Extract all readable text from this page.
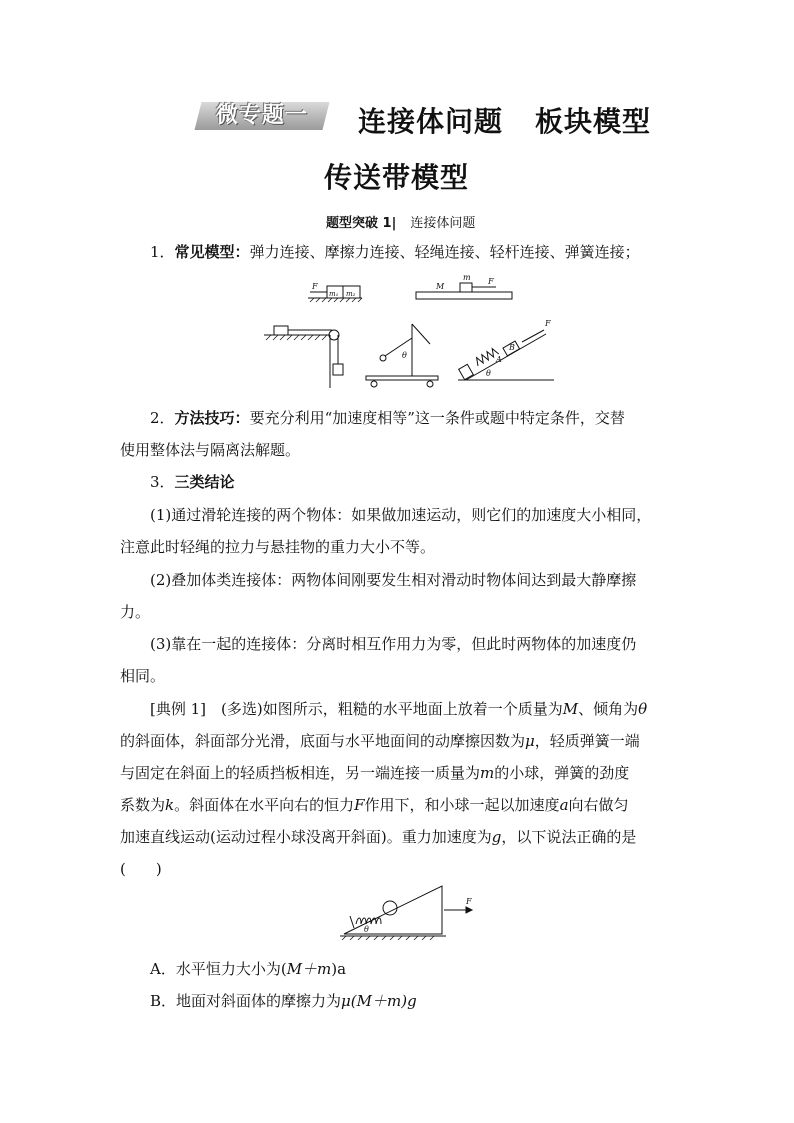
微专题一	连接体问题 板块模型
传送带模型
题型突破 1| 连接体问题
1．常见模型：弹力连接、摩擦力连接、轻绳连接、轻杆连接、弹簧连接；
F
m₁ m₂
M
m F
θ	A
B
F
θ
2．方法技巧：要充分利用“加速度相等”这一条件或题中特定条件，交替
使用整体法与隔离法解题。
3．三类结论
(1)通过滑轮连接的两个物体：如果做加速运动，则它们的加速度大小相同，
注意此时轻绳的拉力与悬挂物的重力大小不等。
(2)叠加体类连接体：两物体间刚要发生相对滑动时物体间达到最大静摩擦
力。
(3)靠在一起的连接体：分离时相互作用力为零，但此时两物体的加速度仍
相同。
[典例 1]　 (多选)如图所示，粗糙的水平地面上放着一个质量为M、倾角为θ
的斜面体，斜面部分光滑，底面与水平地面间的动摩擦因数为μ，轻质弹簧一端
与固定在斜面上的轻质挡板相连，另一端连接一质量为m的小球，弹簧的劲度
系数为k。斜面体在水平向右的恒力F作用下，和小球一起以加速度a向右做匀
加速直线运动(运动过程小球没离开斜面)。重力加速度为g，以下说法正确的是
(　　)
F
θ
A．水平恒力大小为(M＋m)a
B．地面对斜面体的摩擦力为μ(M＋m)g
